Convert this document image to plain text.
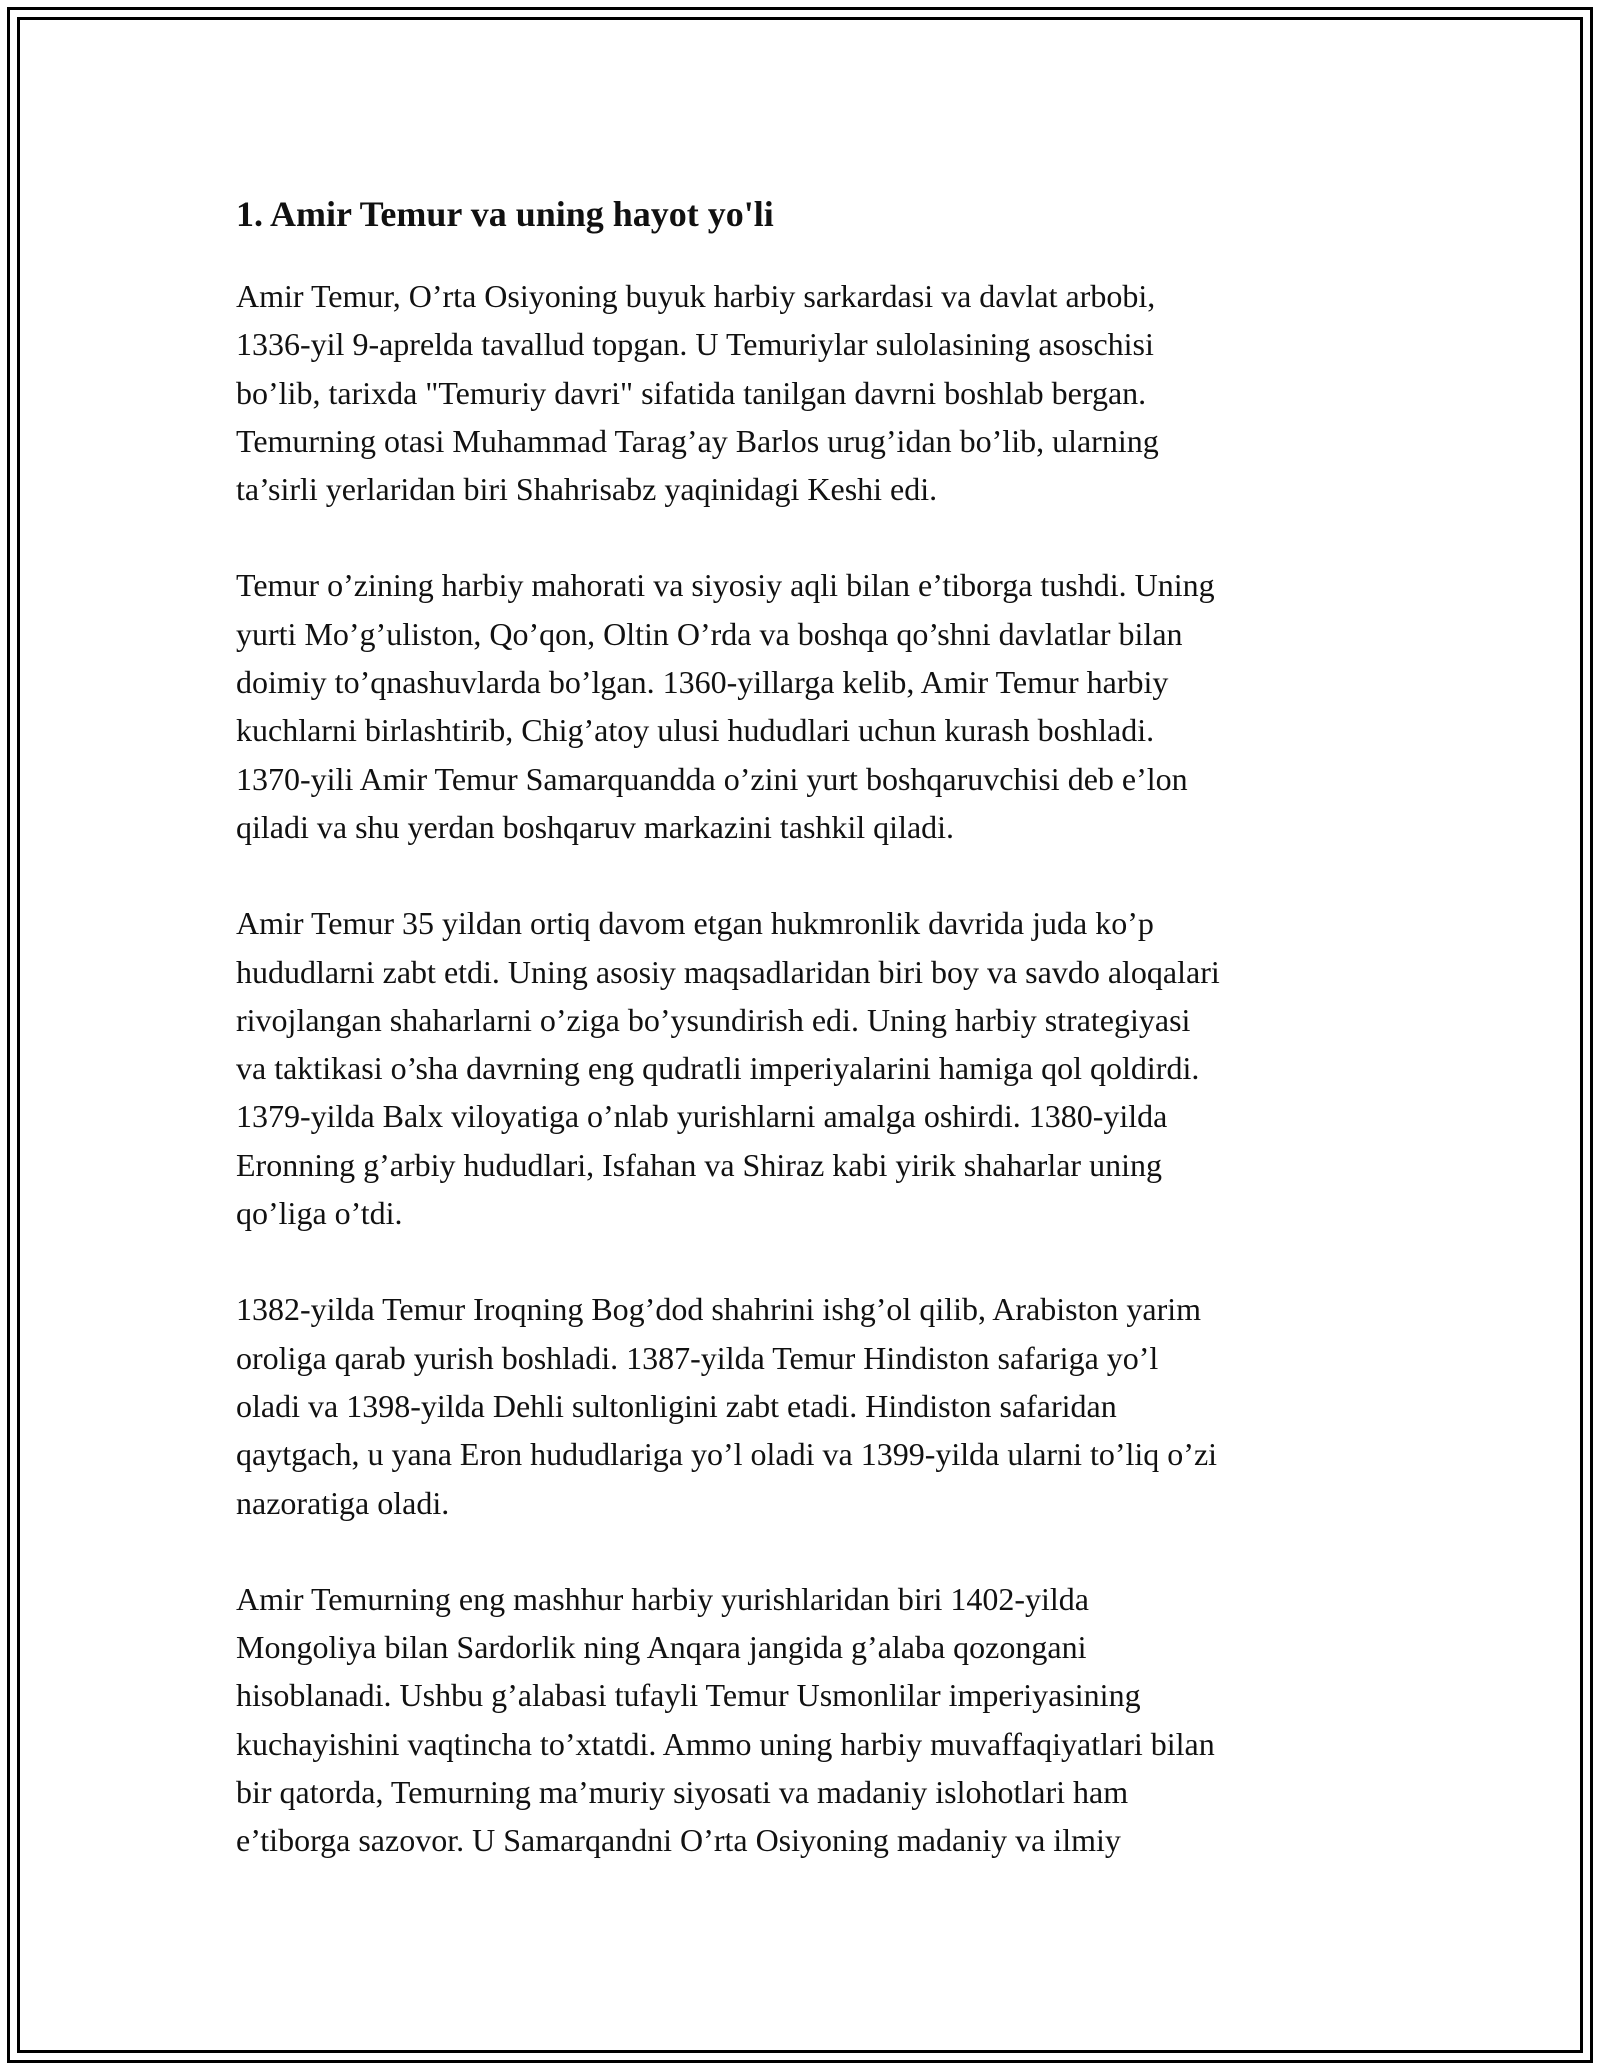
1. Amir Temur va uning hayot yo'li

Amir Temur, O’rta Osiyoning buyuk harbiy sarkardasi va davlat arbobi,
1336-yil 9-aprelda tavallud topgan. U Temuriylar sulolasining asoschisi
bo’lib, tarixda "Temuriy davri" sifatida tanilgan davrni boshlab bergan.
Temurning otasi Muhammad Tarag’ay Barlos urug’idan bo’lib, ularning
ta’sirli yerlaridan biri Shahrisabz yaqinidagi Keshi edi.

Temur o’zining harbiy mahorati va siyosiy aqli bilan e’tiborga tushdi. Uning
yurti Mo’g’uliston, Qo’qon, Oltin O’rda va boshqa qo’shni davlatlar bilan
doimiy to’qnashuvlarda bo’lgan. 1360-yillarga kelib, Amir Temur harbiy
kuchlarni birlashtirib, Chig’atoy ulusi hududlari uchun kurash boshladi.
1370-yili Amir Temur Samarquandda o’zini yurt boshqaruvchisi deb e’lon
qiladi va shu yerdan boshqaruv markazini tashkil qiladi.

Amir Temur 35 yildan ortiq davom etgan hukmronlik davrida juda ko’p
hududlarni zabt etdi. Uning asosiy maqsadlaridan biri boy va savdo aloqalari
rivojlangan shaharlarni o’ziga bo’ysundirish edi. Uning harbiy strategiyasi
va taktikasi o’sha davrning eng qudratli imperiyalarini hamiga qol qoldirdi.
1379-yilda Balx viloyatiga o’nlab yurishlarni amalga oshirdi. 1380-yilda
Eronning g’arbiy hududlari, Isfahan va Shiraz kabi yirik shaharlar uning
qo’liga o’tdi.

1382-yilda Temur Iroqning Bog’dod shahrini ishg’ol qilib, Arabiston yarim
oroliga qarab yurish boshladi. 1387-yilda Temur Hindiston safariga yo’l
oladi va 1398-yilda Dehli sultonligini zabt etadi. Hindiston safaridan
qaytgach, u yana Eron hududlariga yo’l oladi va 1399-yilda ularni to’liq o’zi
nazoratiga oladi.

Amir Temurning eng mashhur harbiy yurishlaridan biri 1402-yilda
Mongoliya bilan Sardorlik ning Anqara jangida g’alaba qozongani
hisoblanadi. Ushbu g’alabasi tufayli Temur Usmonlilar imperiyasining
kuchayishini vaqtincha to’xtatdi. Ammo uning harbiy muvaffaqiyatlari bilan
bir qatorda, Temurning ma’muriy siyosati va madaniy islohotlari ham
e’tiborga sazovor. U Samarqandni O’rta Osiyoning madaniy va ilmiy
